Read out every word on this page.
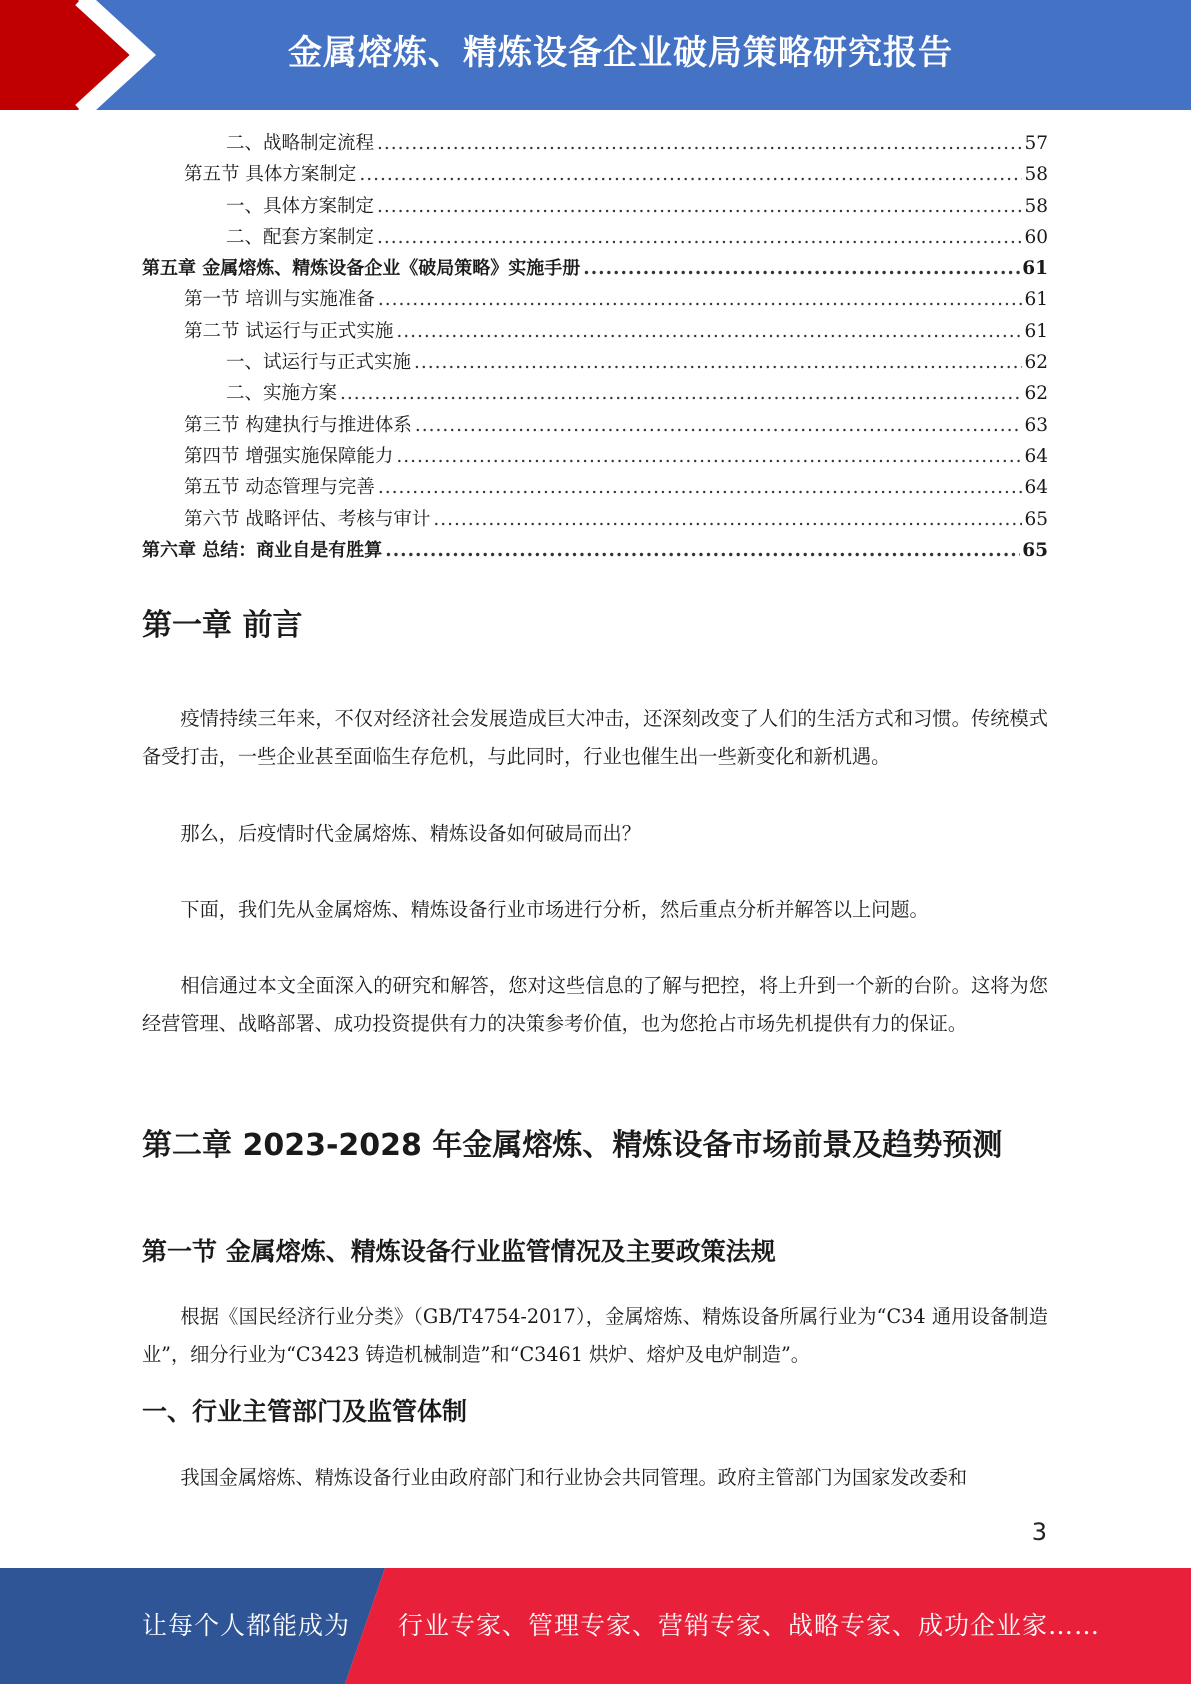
金属熔炼、精炼设备企业破局策略研究报告
二、战略制定流程 .....	57
第五节 具体方案制定 .....	58
一、具体方案制定 .....	58
二、配套方案制定 .....	60
第五章 金属熔炼、精炼设备企业《破局策略》实施手册 .....	61
第一节 培训与实施准备 .....	61
第二节 试运行与正式实施 .....	61
一、试运行与正式实施 .....	62
二、实施方案 .....	62
第三节 构建执行与推进体系 .....	63
第四节 增强实施保障能力 .....	64
第五节 动态管理与完善 .....	64
第六节 战略评估、考核与审计 .....	65
第六章 总结：商业自是有胜算 .....	65
第一章 前言

疫情持续三年来，不仅对经济社会发展造成巨大冲击，还深刻改变了人们的生活方式和习惯。传统模式备受打击，一些企业甚至面临生存危机，与此同时，行业也催生出一些新变化和新机遇。

那么，后疫情时代金属熔炼、精炼设备如何破局而出？

下面，我们先从金属熔炼、精炼设备行业市场进行分析，然后重点分析并解答以上问题。

相信通过本文全面深入的研究和解答，您对这些信息的了解与把控，将上升到一个新的台阶。这将为您经营管理、战略部署、成功投资提供有力的决策参考价值，也为您抢占市场先机提供有力的保证。

第二章 2023-2028 年金属熔炼、精炼设备市场前景及趋势预测
第一节 金属熔炼、精炼设备行业监管情况及主要政策法规

根据《国民经济行业分类》（GB/T4754-2017），金属熔炼、精炼设备所属行业为“C34 通用设备制造业”，细分行业为“C3423 铸造机械制造”和“C3461 烘炉、熔炉及电炉制造”。

一、行业主管部门及监管体制

我国金属熔炼、精炼设备行业由政府部门和行业协会共同管理。政府主管部门为国家发改委和

3
让每个人都能成为 行业专家、管理专家、营销专家、战略专家、成功企业家……
